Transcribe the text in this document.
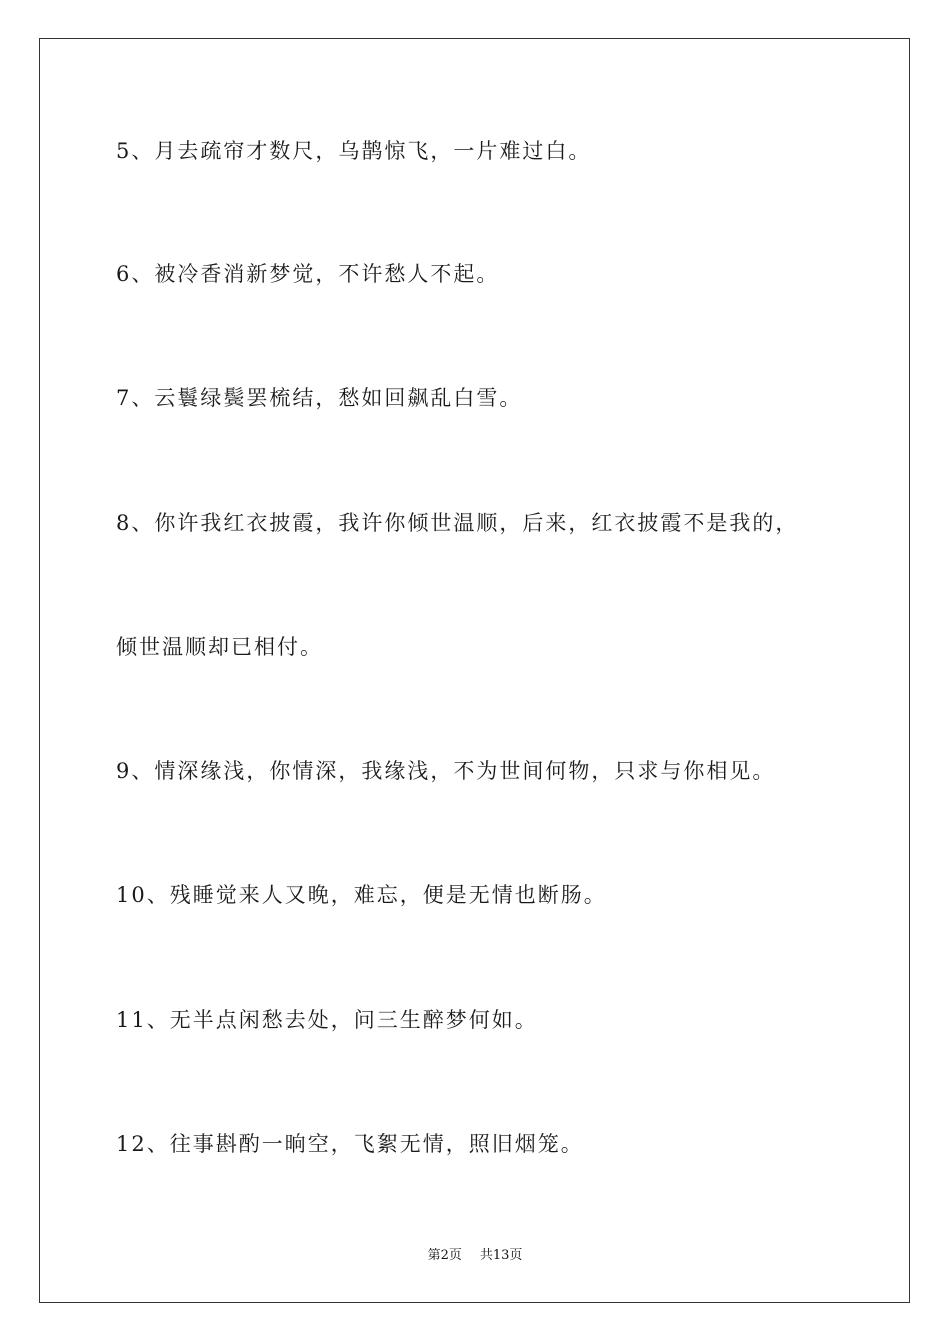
5、月去疏帘才数尺，乌鹊惊飞，一片难过白。
6、被冷香消新梦觉，不许愁人不起。
7、云鬟绿鬓罢梳结，愁如回飙乱白雪。
8、你许我红衣披霞，我许你倾世温顺，后来，红衣披霞不是我的，
倾世温顺却已相付。
9、情深缘浅，你情深，我缘浅，不为世间何物，只求与你相见。
10、残睡觉来人又晚，难忘，便是无情也断肠。
11、无半点闲愁去处，问三生醉梦何如。
12、往事斟酌一晌空，飞絮无情，照旧烟笼。
第2页 共13页
